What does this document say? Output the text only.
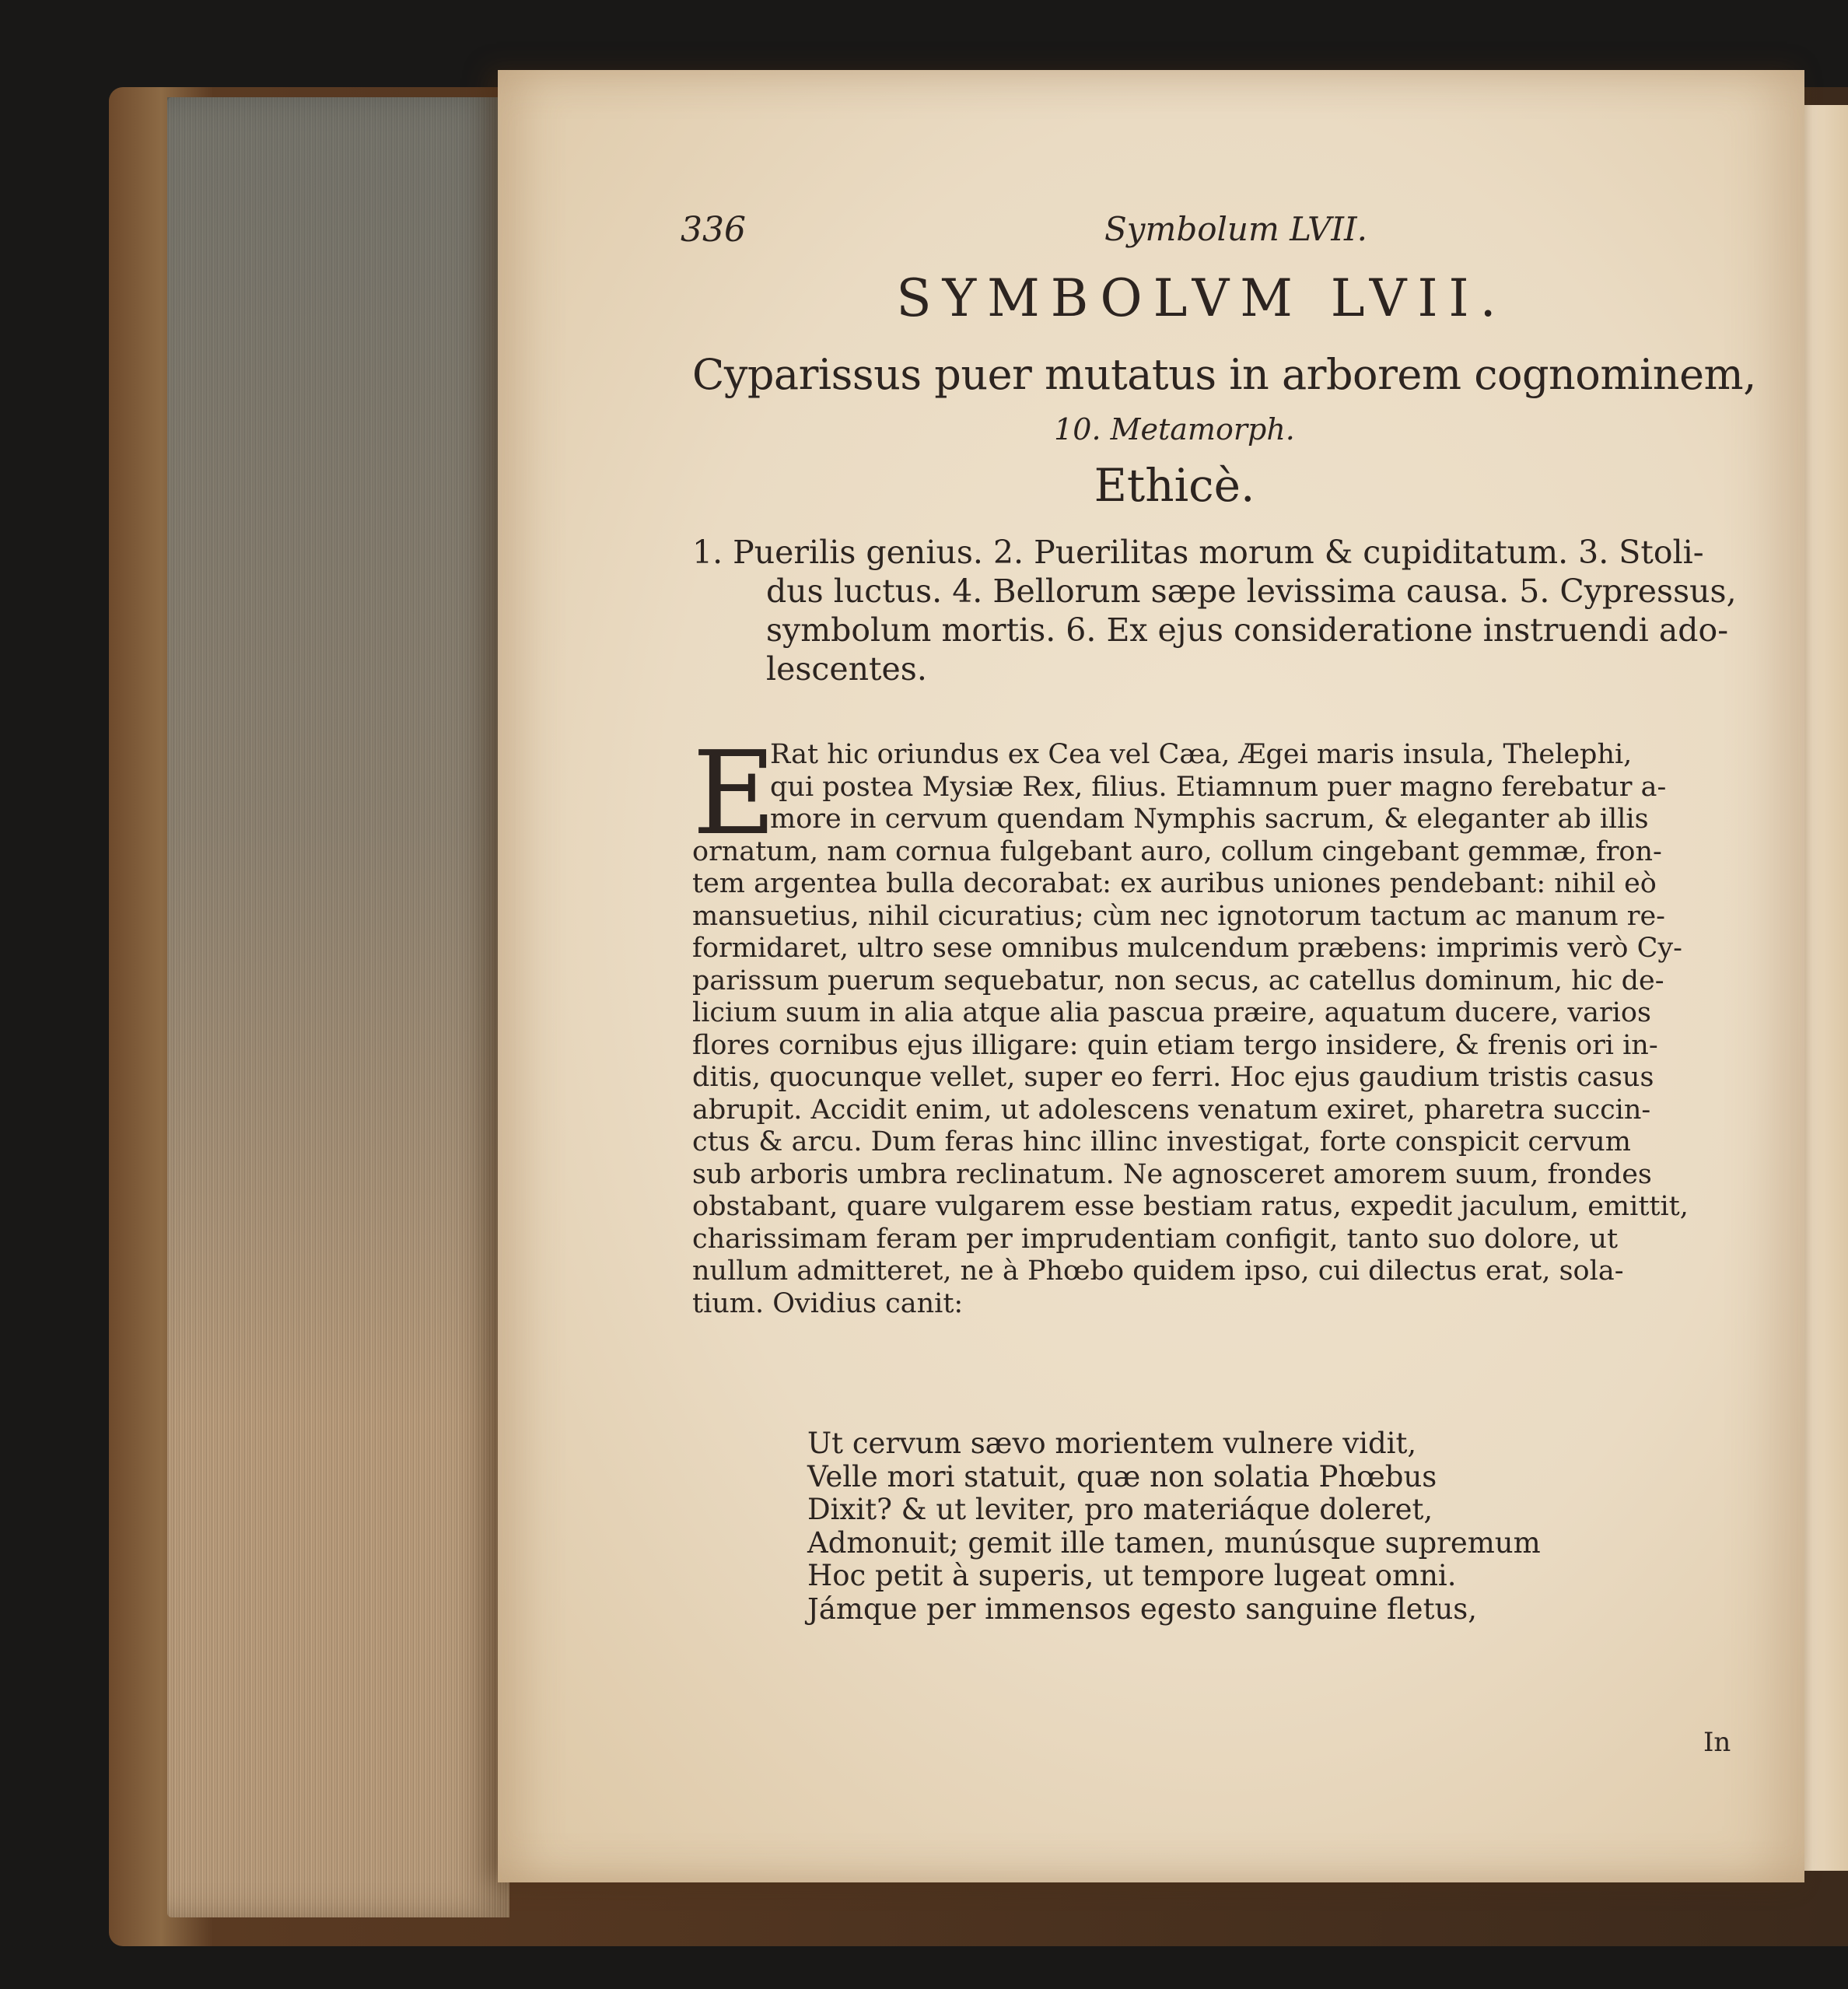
336	Symbolum LVII.
SYMBOLVM LVII.
Cyparissus puer mutatus in arborem cognominem,
10. Metamorph.
Ethicè.
1. Puerilis genius. 2. Puerilitas morum & cupiditatum. 3. Stoli-
dus luctus. 4. Bellorum sæpe levissima causa. 5. Cypressus,
symbolum mortis. 6. Ex ejus consideratione instruendi ado-
lescentes.
E
Rat hic oriundus ex Cea vel Cæa, Ægei maris insula, Thelephi,
qui postea Mysiæ Rex, filius. Etiamnum puer magno ferebatur a-
more in cervum quendam Nymphis sacrum, & eleganter ab illis
ornatum, nam cornua fulgebant auro, collum cingebant gemmæ, fron-
tem argentea bulla decorabat: ex auribus uniones pendebant: nihil eò
mansuetius, nihil cicuratius; cùm nec ignotorum tactum ac manum re-
formidaret, ultro sese omnibus mulcendum præbens: imprimis verò Cy-
parissum puerum sequebatur, non secus, ac catellus dominum, hic de-
licium suum in alia atque alia pascua præire, aquatum ducere, varios
flores cornibus ejus illigare: quin etiam tergo insidere, & frenis ori in-
ditis, quocunque vellet, super eo ferri. Hoc ejus gaudium tristis casus
abrupit. Accidit enim, ut adolescens venatum exiret, pharetra succin-
ctus & arcu. Dum feras hinc illinc investigat, forte conspicit cervum
sub arboris umbra reclinatum. Ne agnosceret amorem suum, frondes
obstabant, quare vulgarem esse bestiam ratus, expedit jaculum, emittit,
charissimam feram per imprudentiam configit, tanto suo dolore, ut
nullum admitteret, ne à Phœbo quidem ipso, cui dilectus erat, sola-
tium. Ovidius canit:
Ut cervum sævo morientem vulnere vidit,
Velle mori statuit, quæ non solatia Phœbus
Dixit? & ut leviter, pro materiáque doleret,
Admonuit; gemit ille tamen, munúsque supremum
Hoc petit à superis, ut tempore lugeat omni.
Jámque per immensos egesto sanguine fletus,
In
